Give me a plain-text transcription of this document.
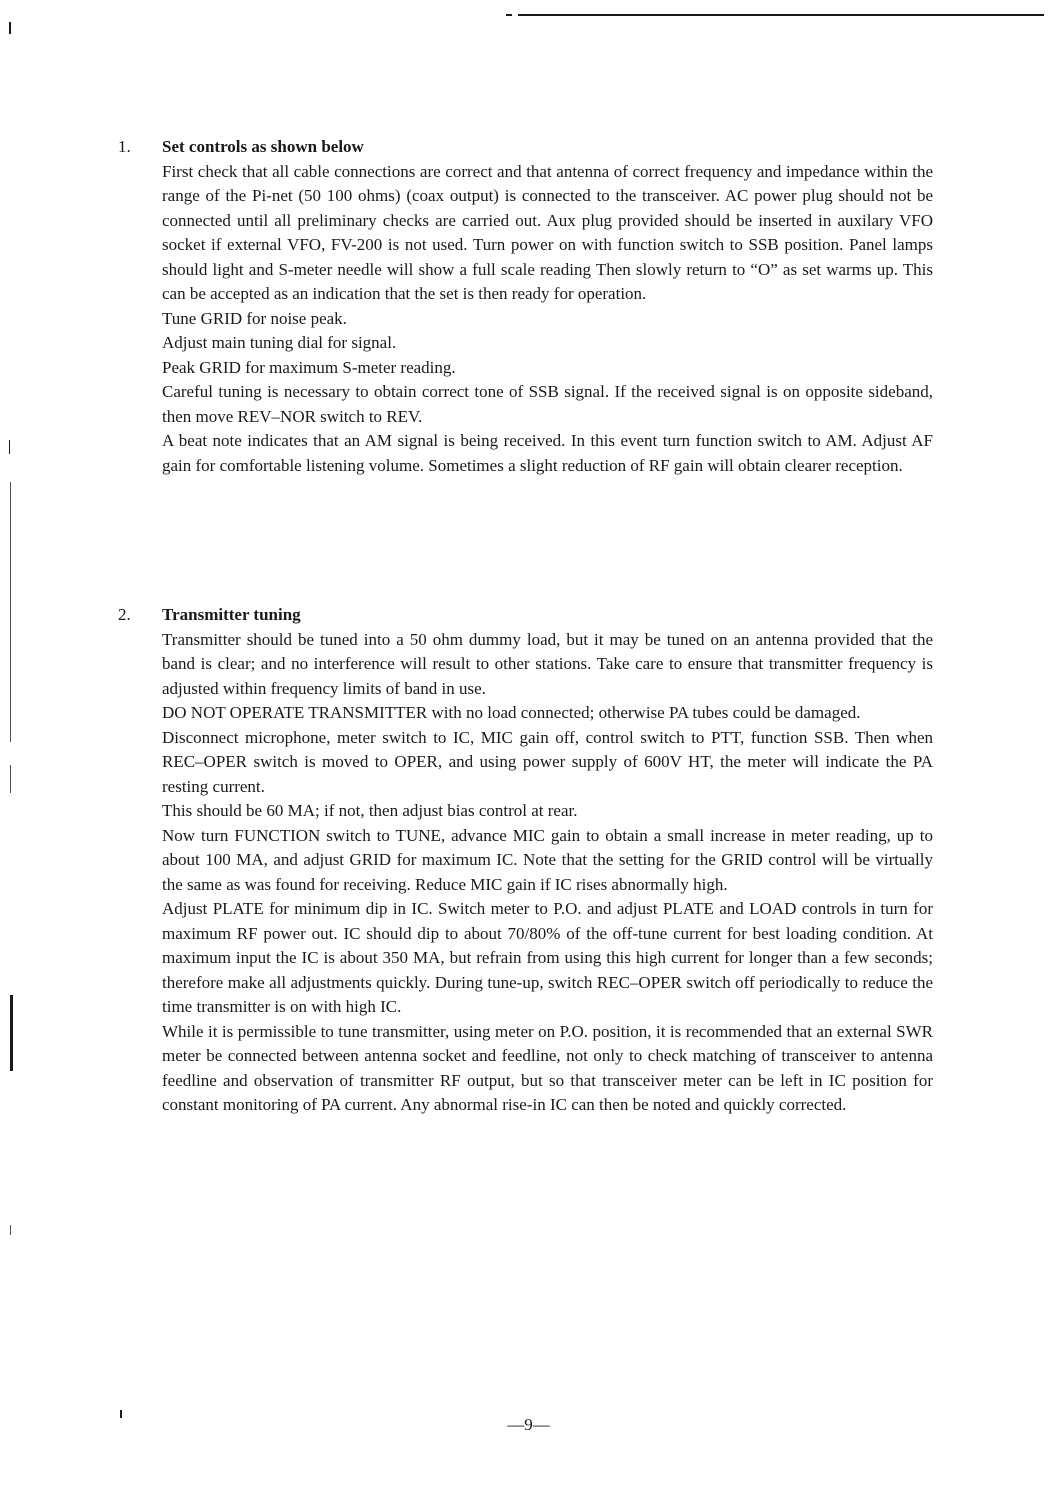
1.	Set controls as shown below

First check that all cable connections are correct and that antenna of correct frequency and impedance within the range of the Pi-net (50 100 ohms) (coax output) is connected to the transceiver. AC power plug should not be connected until all preliminary checks are carried out. Aux plug provided should be inserted in auxilary VFO socket if external VFO, FV-200 is not used. Turn power on with function switch to SSB position. Panel lamps should light and S-meter needle will show a full scale reading Then slowly return to “O” as set warms up. This can be accepted as an indication that the set is then ready for operation.

Tune GRID for noise peak.

Adjust main tuning dial for signal.

Peak GRID for maximum S-meter reading.

Careful tuning is necessary to obtain correct tone of SSB signal. If the received signal is on opposite sideband, then move REV–NOR switch to REV.

A beat note indicates that an AM signal is being received. In this event turn function switch to AM. Adjust AF gain for comfortable listening volume. Sometimes a slight reduction of RF gain will obtain clearer reception.

2.	Transmitter tuning

Transmitter should be tuned into a 50 ohm dummy load, but it may be tuned on an antenna provided that the band is clear; and no interference will result to other stations. Take care to ensure that transmitter frequency is adjusted within frequency limits of band in use.

DO NOT OPERATE TRANSMITTER with no load connected; otherwise PA tubes could be damaged.

Disconnect microphone, meter switch to IC, MIC gain off, control switch to PTT, function SSB. Then when REC–OPER switch is moved to OPER, and using power supply of 600V HT, the meter will indicate the PA resting current.

This should be 60 MA; if not, then adjust bias control at rear.

Now turn FUNCTION switch to TUNE, advance MIC gain to obtain a small increase in meter reading, up to about 100 MA, and adjust GRID for maximum IC. Note that the setting for the GRID control will be virtually the same as was found for receiving. Reduce MIC gain if IC rises abnormally high.

Adjust PLATE for minimum dip in IC. Switch meter to P.O. and adjust PLATE and LOAD controls in turn for maximum RF power out. IC should dip to about 70/80% of the off-tune current for best loading condition. At maximum input the IC is about 350 MA, but refrain from using this high current for longer than a few seconds; therefore make all adjustments quickly. During tune-up, switch REC–OPER switch off periodically to reduce the time transmitter is on with high IC.

While it is permissible to tune transmitter, using meter on P.O. position, it is recommended that an external SWR meter be connected between antenna socket and feedline, not only to check matching of transceiver to antenna feedline and observation of transmitter RF output, but so that transceiver meter can be left in IC position for constant monitoring of PA current. Any abnormal rise-in IC can then be noted and quickly corrected.

—9—
